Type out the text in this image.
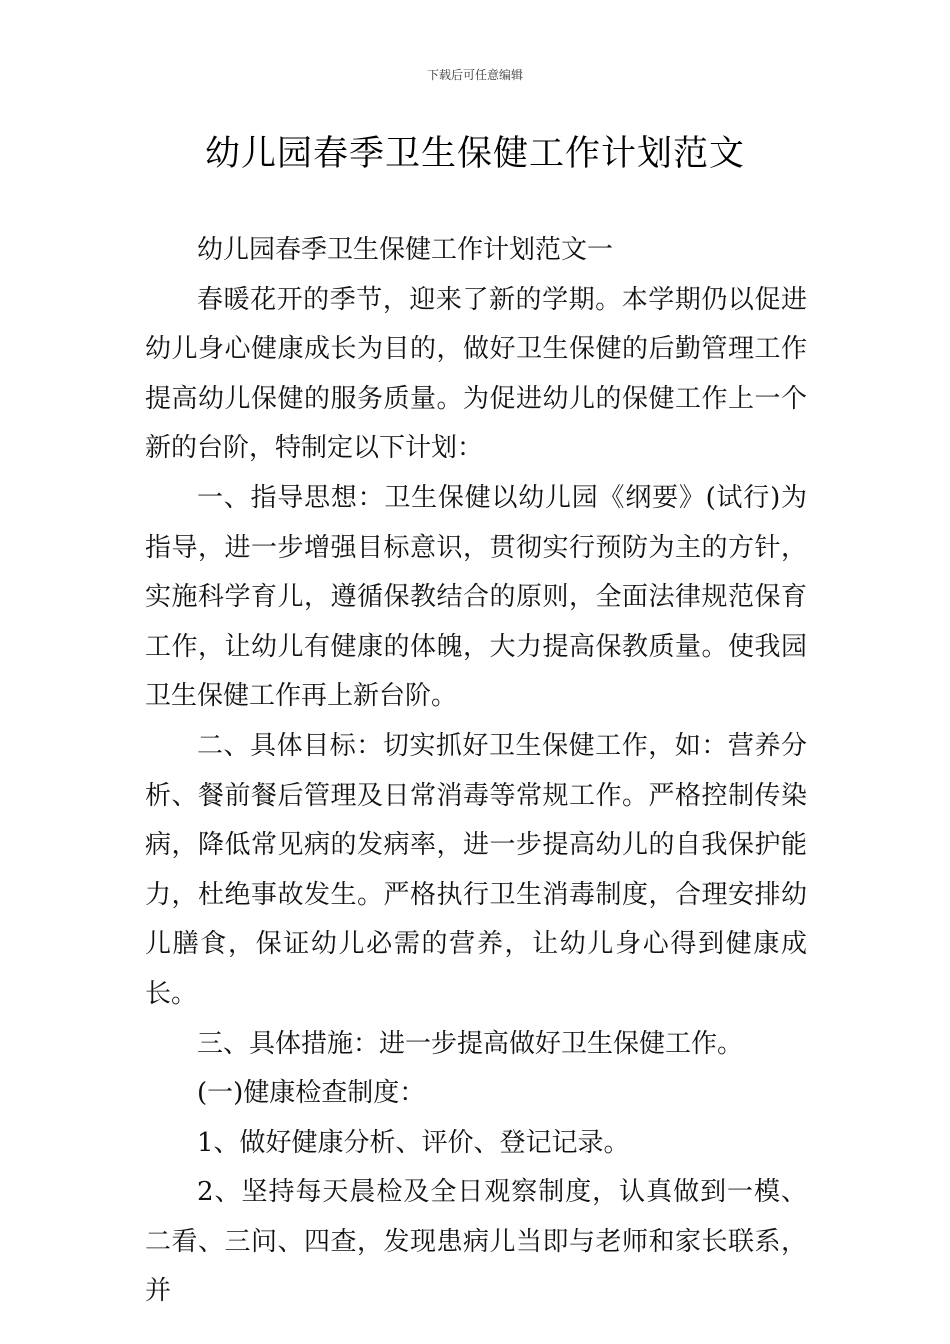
下载后可任意编辑
幼儿园春季卫生保健工作计划范文

幼儿园春季卫生保健工作计划范文一

春暖花开的季节，迎来了新的学期。本学期仍以促进幼儿身心健康成长为目的，做好卫生保健的后勤管理工作提高幼儿保健的服务质量。为促进幼儿的保健工作上一个新的台阶，特制定以下计划：

一、指导思想：卫生保健以幼儿园《纲要》(试行)为指导，进一步增强目标意识，贯彻实行预防为主的方针，实施科学育儿，遵循保教结合的原则，全面法律规范保育工作，让幼儿有健康的体魄，大力提高保教质量。使我园卫生保健工作再上新台阶。

二、具体目标：切实抓好卫生保健工作，如：营养分析、餐前餐后管理及日常消毒等常规工作。严格控制传染病，降低常见病的发病率，进一步提高幼儿的自我保护能力，杜绝事故发生。严格执行卫生消毒制度，合理安排幼儿膳食，保证幼儿必需的营养，让幼儿身心得到健康成长。

三、具体措施：进一步提高做好卫生保健工作。

(一)健康检查制度：

1、做好健康分析、评价、登记记录。

2、坚持每天晨检及全日观察制度，认真做到一模、二看、三问、四查，发现患病儿当即与老师和家长联系，并
